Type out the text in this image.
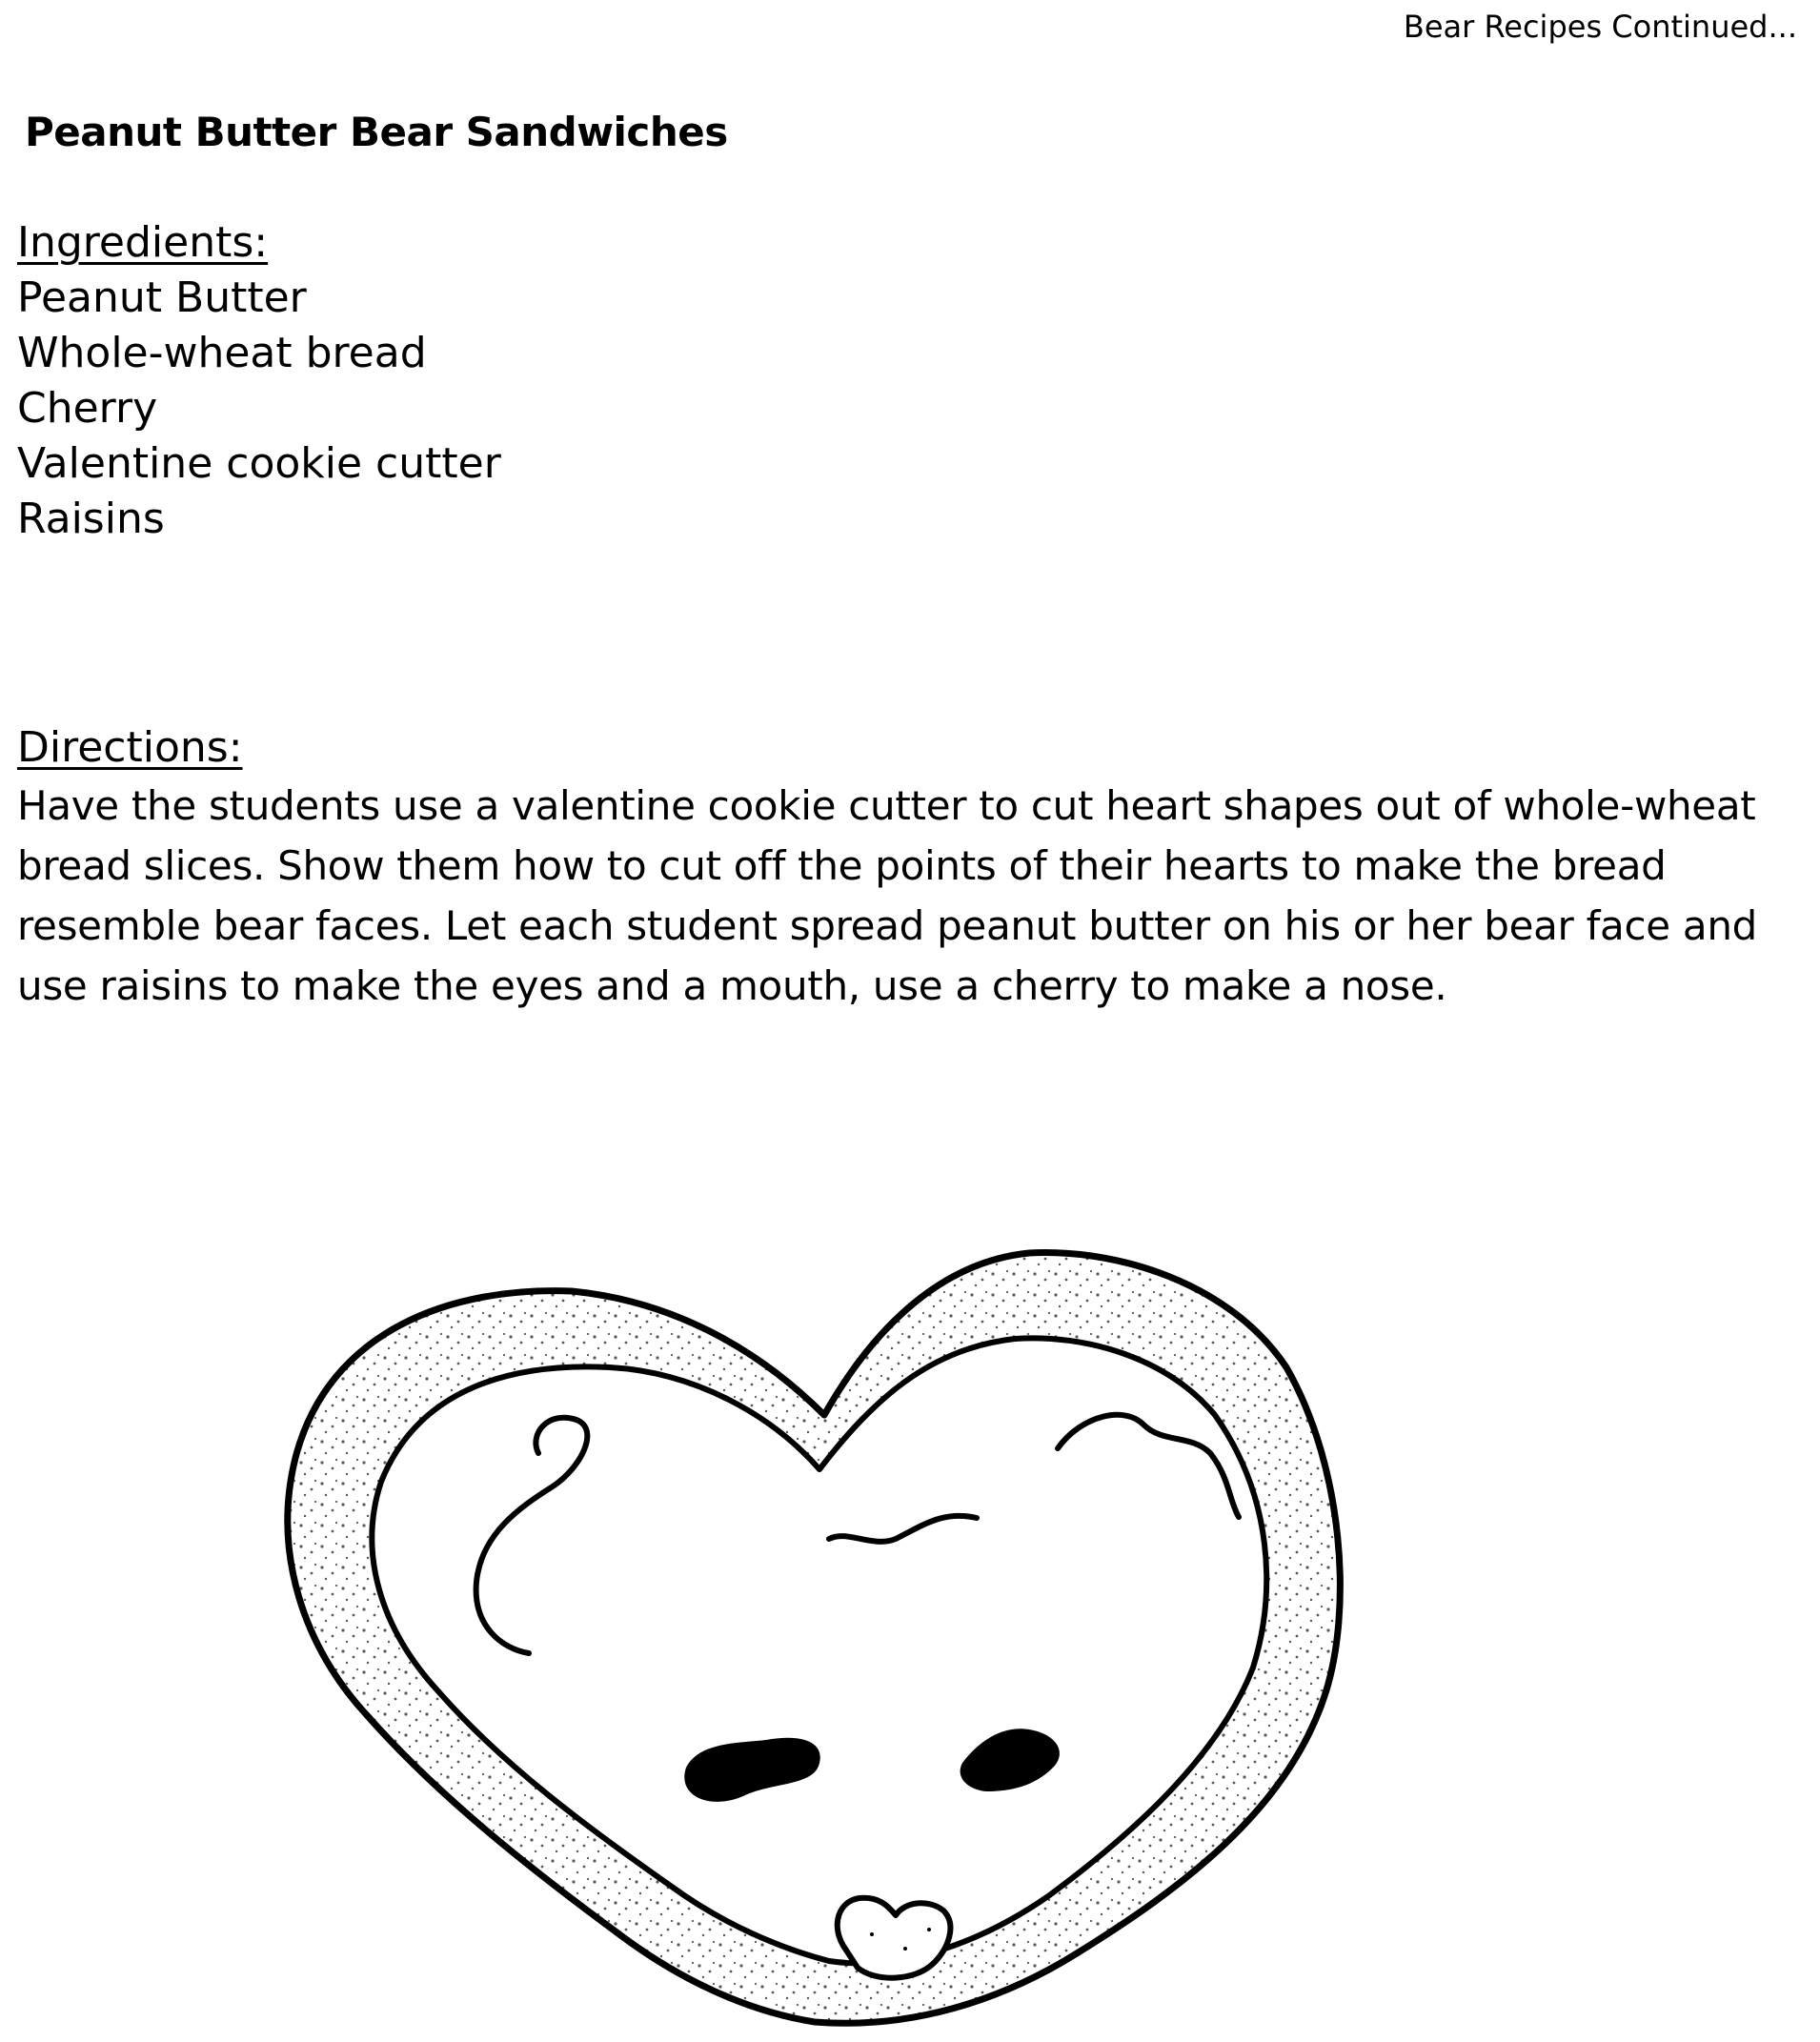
Bear Recipes Continued...
Peanut Butter Bear Sandwiches
Ingredients:
Peanut Butter
Whole-wheat bread
Cherry
Valentine cookie cutter
Raisins
Directions:

Have the students use a valentine cookie cutter to cut heart shapes out of whole-wheat bread slices. Show them how to cut off the points of their hearts to make the bread resemble bear faces. Let each student spread peanut butter on his or her bear face and use raisins to make the eyes and a mouth, use a cherry to make a nose.
